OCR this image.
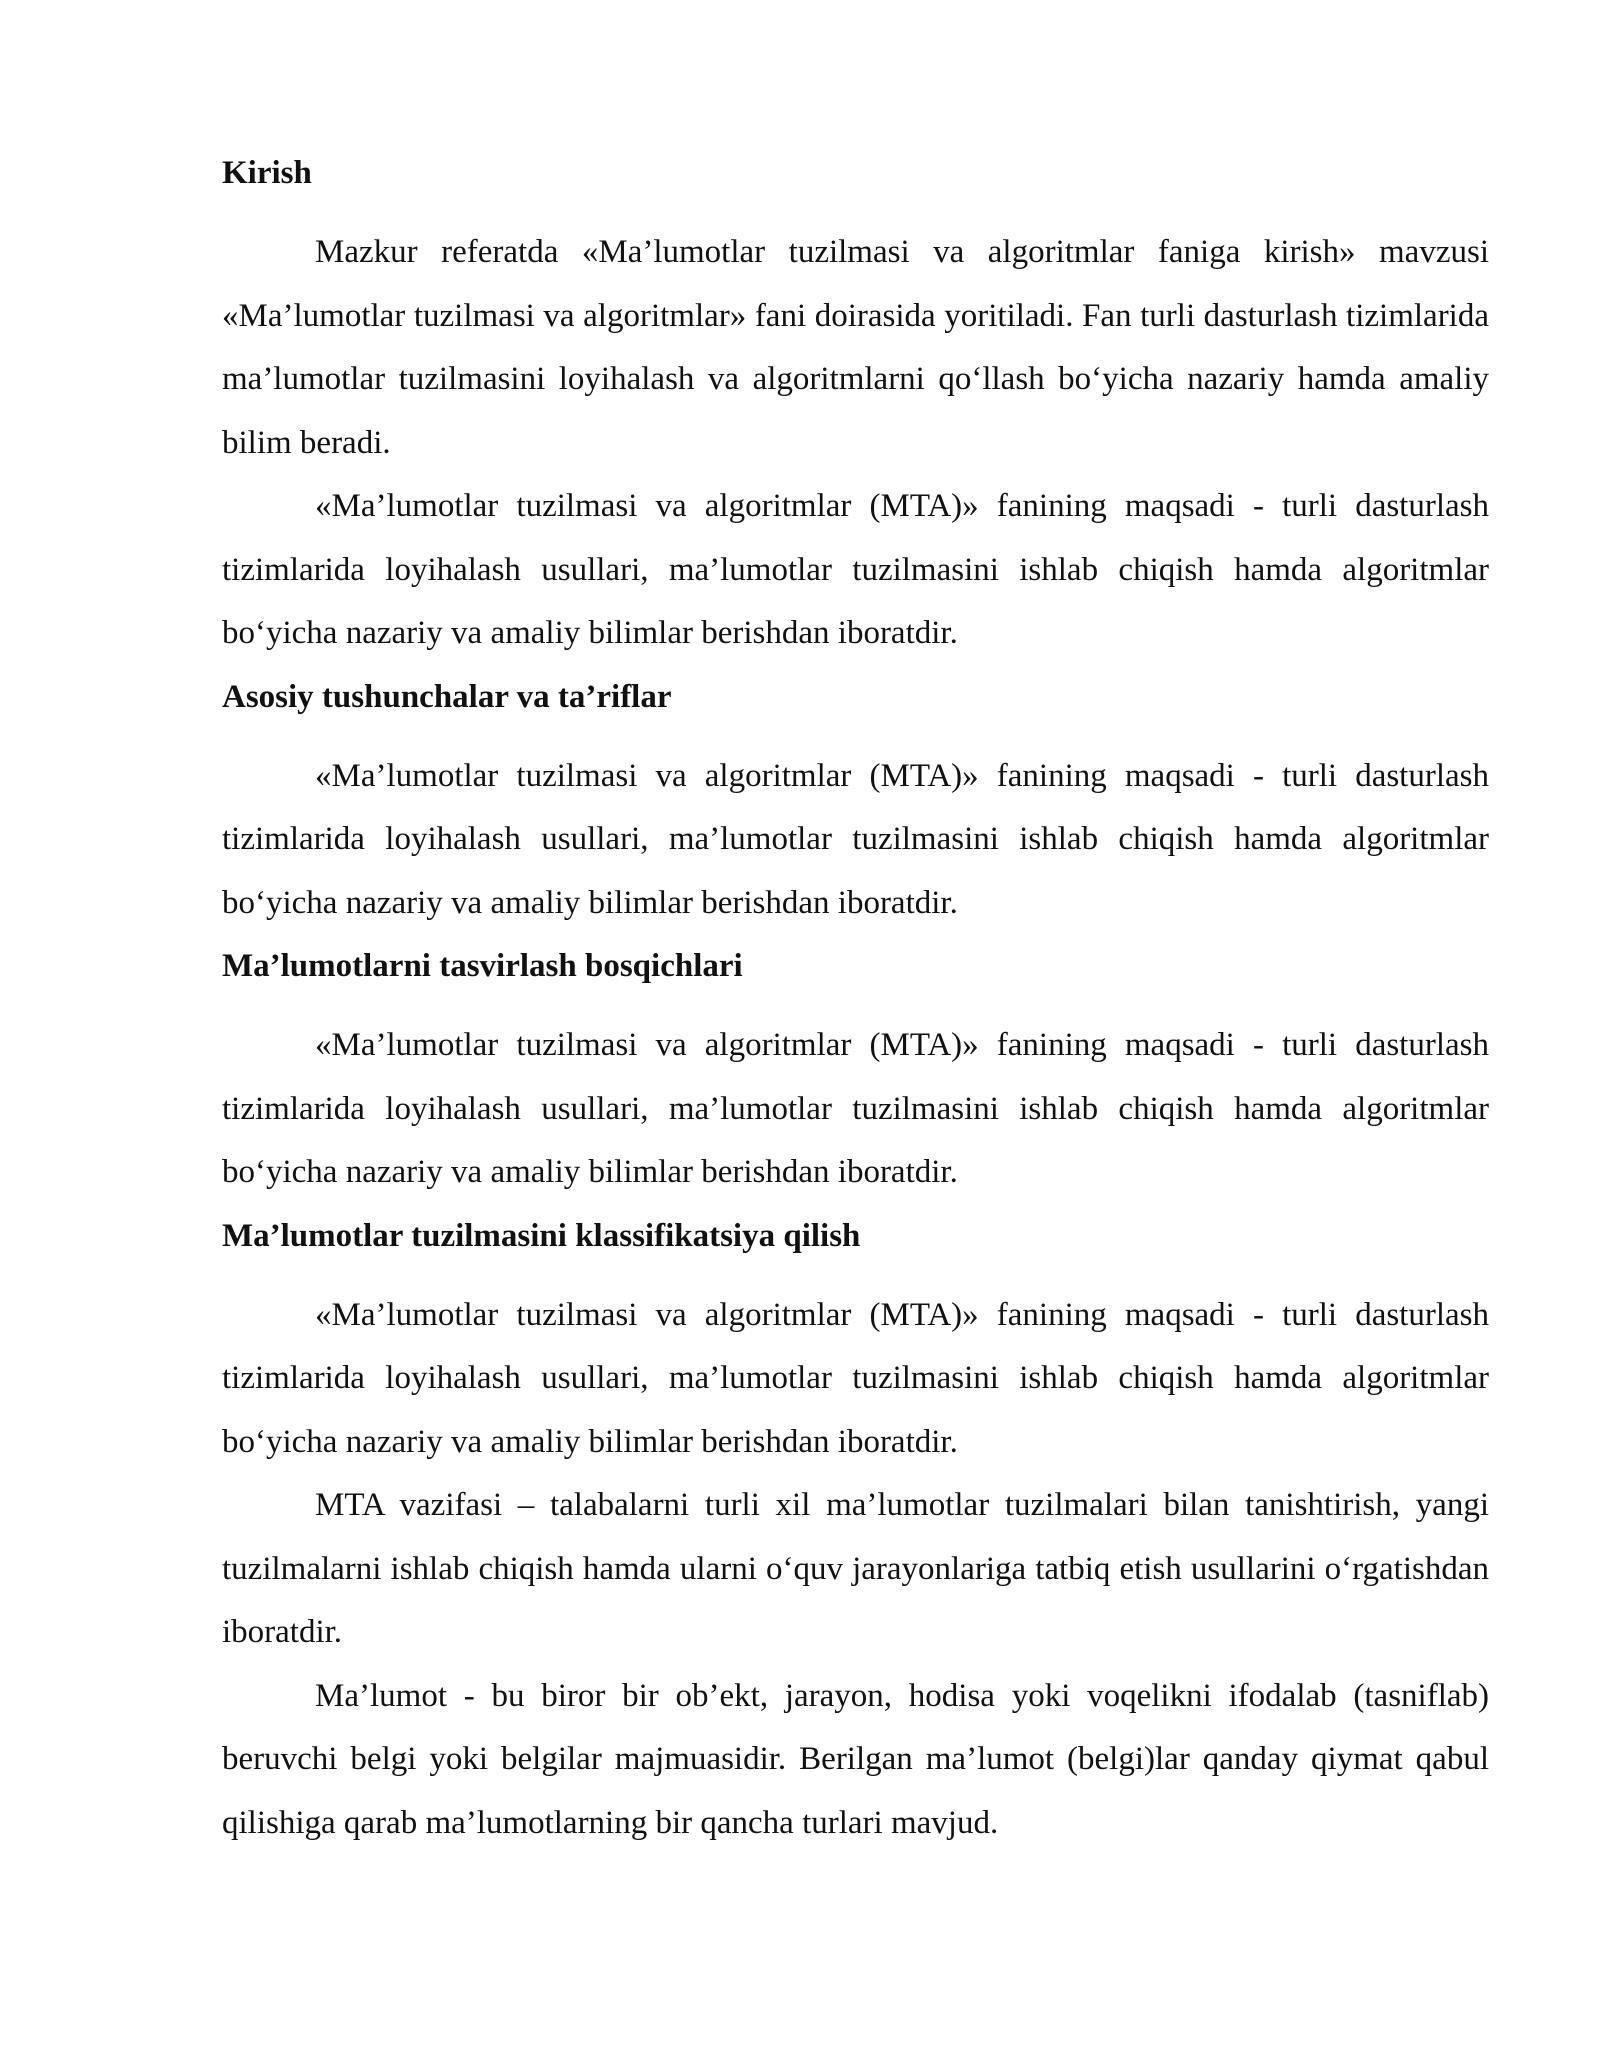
Kirish

Mazkur referatda «Ma’lumotlar tuzilmasi va algoritmlar faniga kirish» mavzusi «Ma’lumotlar tuzilmasi va algoritmlar» fani doirasida yoritiladi. Fan turli dasturlash tizimlarida ma’lumotlar tuzilmasini loyihalash va algoritmlarni qo‘llash bo‘yicha nazariy hamda amaliy bilim beradi.

«Ma’lumotlar tuzilmasi va algoritmlar (MTA)» fanining maqsadi - turli dasturlash tizimlarida loyihalash usullari, ma’lumotlar tuzilmasini ishlab chiqish hamda algoritmlar bo‘yicha nazariy va amaliy bilimlar berishdan iboratdir.

Asosiy tushunchalar va ta’riflar

«Ma’lumotlar tuzilmasi va algoritmlar (MTA)» fanining maqsadi - turli dasturlash tizimlarida loyihalash usullari, ma’lumotlar tuzilmasini ishlab chiqish hamda algoritmlar bo‘yicha nazariy va amaliy bilimlar berishdan iboratdir.

Ma’lumotlarni tasvirlash bosqichlari

«Ma’lumotlar tuzilmasi va algoritmlar (MTA)» fanining maqsadi - turli dasturlash tizimlarida loyihalash usullari, ma’lumotlar tuzilmasini ishlab chiqish hamda algoritmlar bo‘yicha nazariy va amaliy bilimlar berishdan iboratdir.

Ma’lumotlar tuzilmasini klassifikatsiya qilish

«Ma’lumotlar tuzilmasi va algoritmlar (MTA)» fanining maqsadi - turli dasturlash tizimlarida loyihalash usullari, ma’lumotlar tuzilmasini ishlab chiqish hamda algoritmlar bo‘yicha nazariy va amaliy bilimlar berishdan iboratdir.

MTA vazifasi – talabalarni turli xil ma’lumotlar tuzilmalari bilan tanishtirish, yangi tuzilmalarni ishlab chiqish hamda ularni o‘quv jarayonlariga tatbiq etish usullarini o‘rgatishdan iboratdir.

Ma’lumot - bu biror bir ob’ekt, jarayon, hodisa yoki voqelikni ifodalab (tasniflab) beruvchi belgi yoki belgilar majmuasidir. Berilgan ma’lumot (belgi)lar qanday qiymat qabul qilishiga qarab ma’lumotlarning bir qancha turlari mavjud.
